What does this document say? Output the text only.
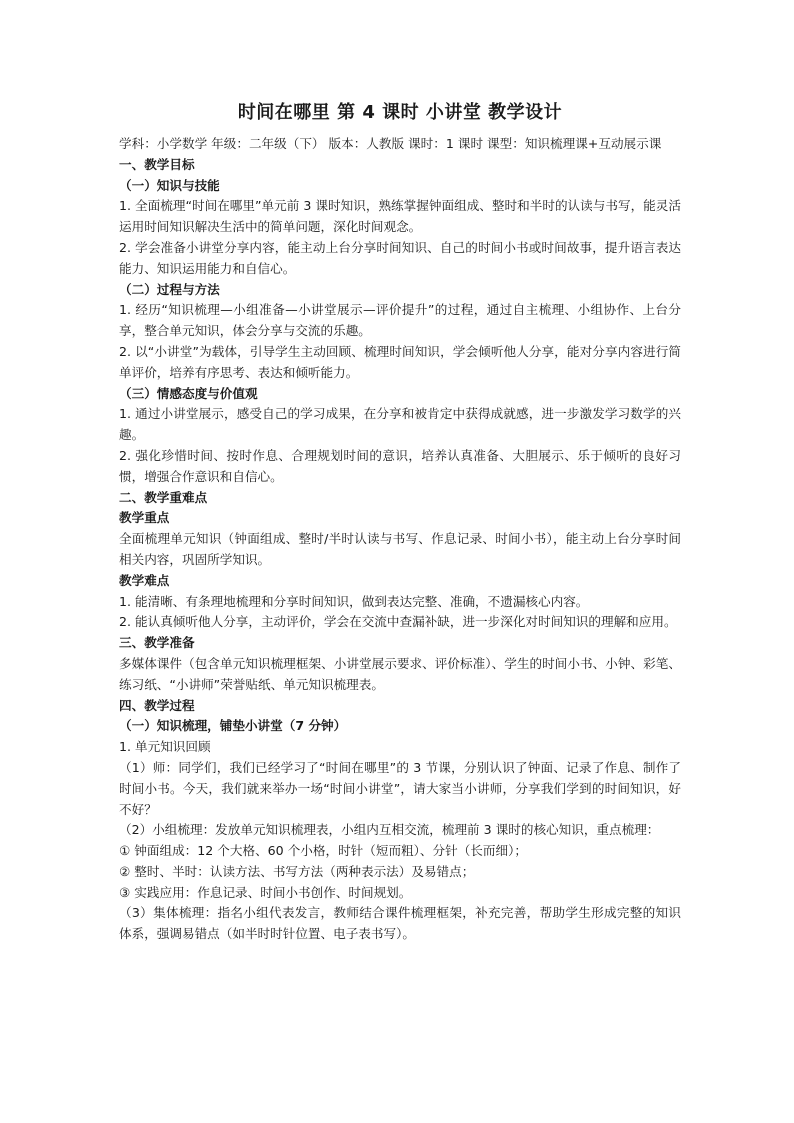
时间在哪里 第 4 课时 小讲堂 教学设计

学科：小学数学 年级：二年级（下） 版本：人教版 课时：1 课时 课型：知识梳理课+互动展示课

一、教学目标

（一）知识与技能

1. 全面梳理“时间在哪里”单元前 3 课时知识，熟练掌握钟面组成、整时和半时的认读与书写，能灵活运用时间知识解决生活中的简单问题，深化时间观念。

2. 学会准备小讲堂分享内容，能主动上台分享时间知识、自己的时间小书或时间故事，提升语言表达能力、知识运用能力和自信心。

（二）过程与方法

1. 经历“知识梳理—小组准备—小讲堂展示—评价提升”的过程，通过自主梳理、小组协作、上台分享，整合单元知识，体会分享与交流的乐趣。

2. 以“小讲堂”为载体，引导学生主动回顾、梳理时间知识，学会倾听他人分享，能对分享内容进行简单评价，培养有序思考、表达和倾听能力。

（三）情感态度与价值观

1. 通过小讲堂展示，感受自己的学习成果，在分享和被肯定中获得成就感，进一步激发学习数学的兴趣。

2. 强化珍惜时间、按时作息、合理规划时间的意识，培养认真准备、大胆展示、乐于倾听的良好习惯，增强合作意识和自信心。

二、教学重难点

教学重点

全面梳理单元知识（钟面组成、整时/半时认读与书写、作息记录、时间小书），能主动上台分享时间相关内容，巩固所学知识。

教学难点

1. 能清晰、有条理地梳理和分享时间知识，做到表达完整、准确，不遗漏核心内容。

2. 能认真倾听他人分享，主动评价，学会在交流中查漏补缺，进一步深化对时间知识的理解和应用。

三、教学准备

多媒体课件（包含单元知识梳理框架、小讲堂展示要求、评价标准）、学生的时间小书、小钟、彩笔、练习纸、“小讲师”荣誉贴纸、单元知识梳理表。

四、教学过程

（一）知识梳理，铺垫小讲堂（7 分钟）

1. 单元知识回顾

（1）师：同学们，我们已经学习了“时间在哪里”的 3 节课，分别认识了钟面、记录了作息、制作了时间小书。今天，我们就来举办一场“时间小讲堂”，请大家当小讲师，分享我们学到的时间知识，好不好？

（2）小组梳理：发放单元知识梳理表，小组内互相交流，梳理前 3 课时的核心知识，重点梳理：

① 钟面组成：12 个大格、60 个小格，时针（短而粗）、分针（长而细）；

② 整时、半时：认读方法、书写方法（两种表示法）及易错点；

③ 实践应用：作息记录、时间小书创作、时间规划。

（3）集体梳理：指名小组代表发言，教师结合课件梳理框架，补充完善，帮助学生形成完整的知识体系，强调易错点（如半时时针位置、电子表书写）。
